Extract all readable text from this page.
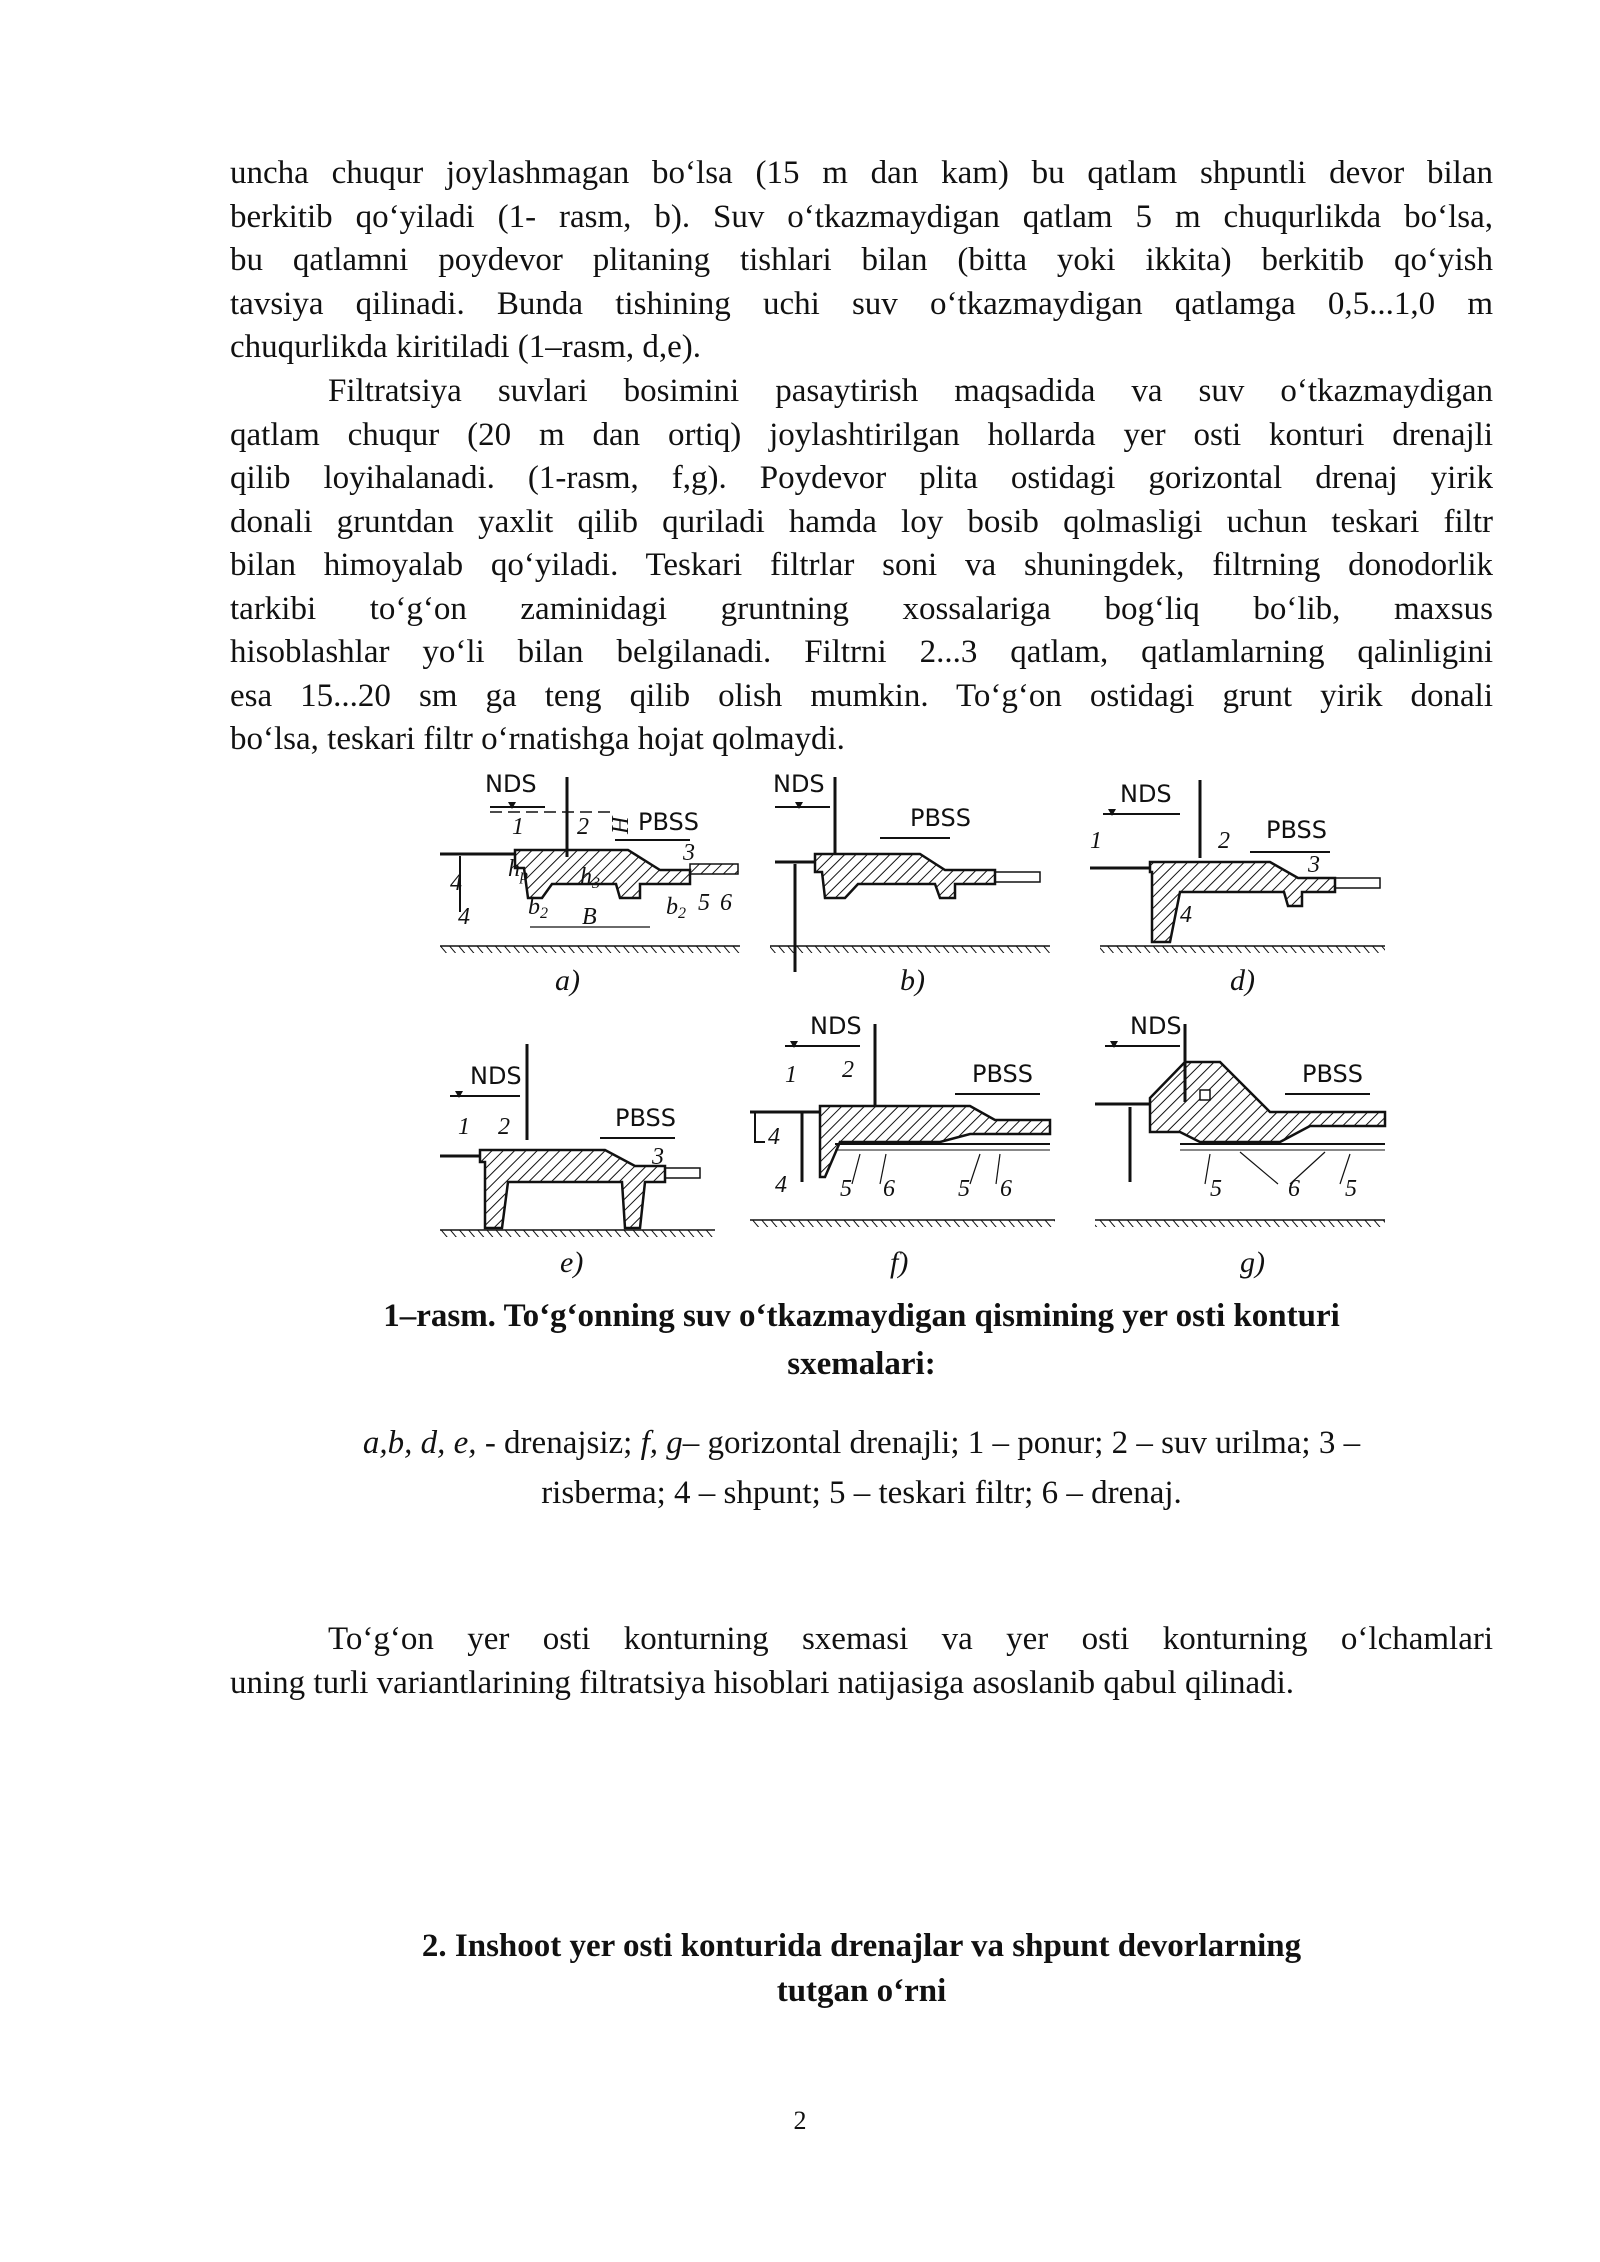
uncha chuqur joylashmagan bo‘lsa (15 m dan kam) bu qatlam shpuntli devor bilan
berkitib qo‘yiladi (1- rasm, b). Suv o‘tkazmaydigan qatlam 5 m chuqurlikda bo‘lsa,
bu qatlamni poydevor plitaning tishlari bilan (bitta yoki ikkita) berkitib qo‘yish
tavsiya qilinadi. Bunda tishining uchi suv o‘tkazmaydigan qatlamga 0,5...1,0 m
chuqurlikda kiritiladi (1–rasm, d,e).
Filtratsiya suvlari bosimini pasaytirish maqsadida va suv o‘tkazmaydigan
qatlam chuqur (20 m dan ortiq) joylashtirilgan hollarda yer osti konturi drenajli
qilib loyihalanadi. (1-rasm, f,g). Poydevor plita ostidagi gorizontal drenaj yirik
donali gruntdan yaxlit qilib quriladi hamda loy bosib qolmasligi uchun teskari filtr
bilan himoyalab qo‘yiladi. Teskari filtrlar soni va shuningdek, filtrning donodorlik
tarkibi to‘g‘on zaminidagi gruntning xossalariga bog‘liq bo‘lib, maxsus
hisoblashlar yo‘li bilan belgilanadi. Filtrni 2...3 qatlam, qatlamlarning qalinligini
esa 15...20 sm ga teng qilib olish mumkin. To‘g‘on ostidagi grunt yirik donali
bo‘lsa, teskari filtr o‘rnatishga hojat qolmaydi.
NDS
1 2 H PBSS
3
4
4
hp h3
b2 B	b2 5 6
a)
NDS
PBSS
b)
NDS
1	2 PBSS
3
4
d)
NDS
1 2	PBSS
3
e)
NDS
1 2	PBSS
4
4 5 6	5 6
f)
NDS
PBSS
5	6 5
g)
1–rasm. To‘g‘onning suv o‘tkazmaydigan qismining yer osti konturi
sxemalari:
a,b, d, e, - drenajsiz; f, g– gorizontal drenajli; 1 – ponur; 2 – suv urilma; 3 –
risberma; 4 – shpunt; 5 – teskari filtr; 6 – drenaj.
To‘g‘on yer osti konturning sxemasi va yer osti konturning o‘lchamlari
uning turli variantlarining filtratsiya hisoblari natijasiga asoslanib qabul qilinadi.
2. Inshoot yer osti konturida drenajlar va shpunt devorlarning
tutgan o‘rni
2
